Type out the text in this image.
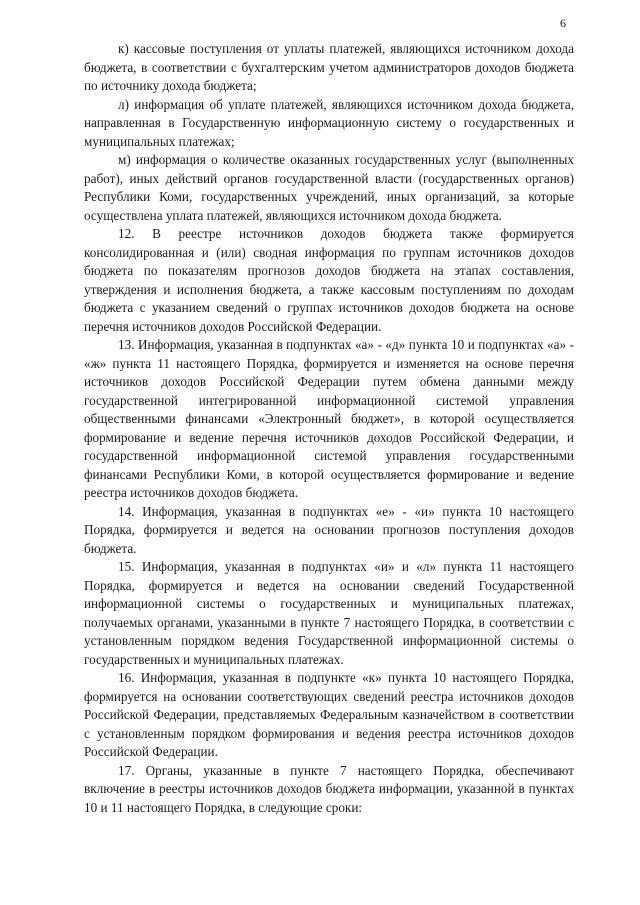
6

к) кассовые поступления от уплаты платежей, являющихся источником дохода бюджета, в соответствии с бухгалтерским учетом администраторов доходов бюджета по источнику дохода бюджета;

л) информация об уплате платежей, являющихся источником дохода бюджета, направленная в Государственную информационную систему о государственных и муниципальных платежах;

м) информация о количестве оказанных государственных услуг (выполненных работ), иных действий органов государственной власти (государственных органов) Республики Коми, государственных учреждений, иных организаций, за которые осуществлена уплата платежей, являющихся источником дохода бюджета.

12. В реестре источников доходов бюджета также формируется консолидированная и (или) сводная информация по группам источников доходов бюджета по показателям прогнозов доходов бюджета на этапах составления, утверждения и исполнения бюджета, а также кассовым поступлениям по доходам бюджета с указанием сведений о группах источников доходов бюджета на основе перечня источников доходов Российской Федерации.

13. Информация, указанная в подпунктах «а» - «д» пункта 10 и подпунктах «а» - «ж» пункта 11 настоящего Порядка, формируется и изменяется на основе перечня источников доходов Российской Федерации путем обмена данными между государственной интегрированной информационной системой управления общественными финансами «Электронный бюджет», в которой осуществляется формирование и ведение перечня источников доходов Российской Федерации, и государственной информационной системой управления государственными финансами Республики Коми, в которой осуществляется формирование и ведение реестра источников доходов бюджета.

14. Информация, указанная в подпунктах «е» - «и» пункта 10 настоящего Порядка, формируется и ведется на основании прогнозов поступления доходов бюджета.

15. Информация, указанная в подпунктах «и» и «л» пункта 11 настоящего Порядка, формируется и ведется на основании сведений Государственной информационной системы о государственных и муниципальных платежах, получаемых органами, указанными в пункте 7 настоящего Порядка, в соответствии с установленным порядком ведения Государственной информационной системы о государственных и муниципальных платежах.

16. Информация, указанная в подпункте «к» пункта 10 настоящего Порядка, формируется на основании соответствующих сведений реестра источников доходов Российской Федерации, представляемых Федеральным казначейством в соответствии с установленным порядком формирования и ведения реестра источников доходов Российской Федерации.

17. Органы, указанные в пункте 7 настоящего Порядка, обеспечивают включение в реестры источников доходов бюджета информации, указанной в пунктах 10 и 11 настоящего Порядка, в следующие сроки:
